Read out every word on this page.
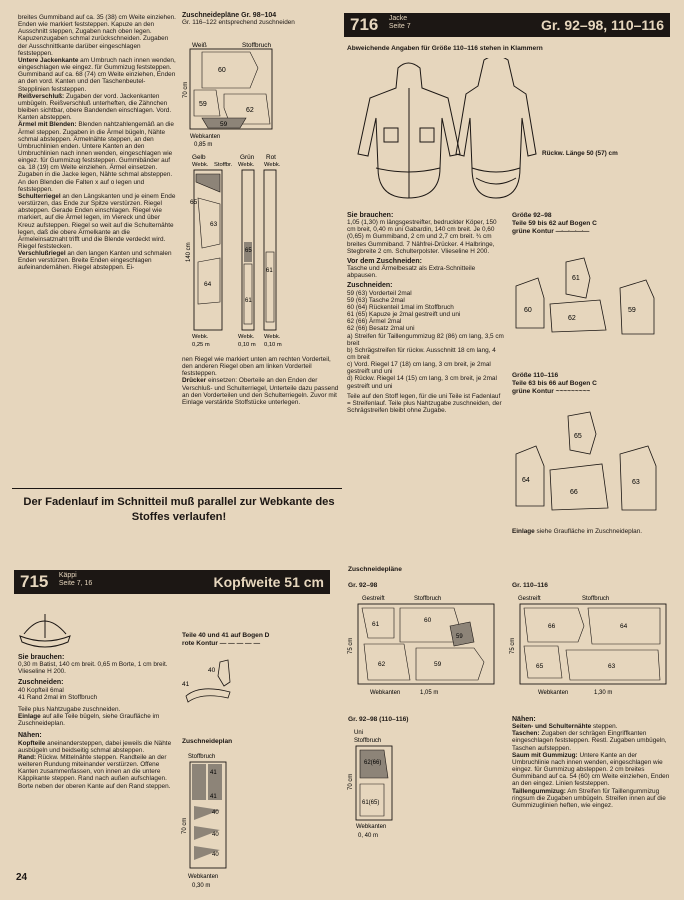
breites Gummiband auf ca. 35 (38) cm Weite einziehen. Enden wie markiert feststeppen. Kapuze an den Ausschnitt steppen, Zugaben nach oben legen. Kapuzenzugaben schmal zurückschneiden. Zugaben der Ausschnittkante darüber eingeschlagen feststeppen.

Untere Jackenkante am Umbruch nach innen wenden, eingeschlagen wie eingez. für Gummizug feststeppen. Gummiband auf ca. 68 (74) cm Weite einziehen, Enden an den vord. Kanten und den Taschenbeutel-Stepplinien feststeppen.

Reißverschluß: Zugaben der vord. Jackenkanten umbügeln. Reißverschluß unterheften, die Zähnchen bleiben sichtbar, obere Bandenden einschlagen. Vord. Kanten absteppen.

Ärmel mit Blenden: Blenden nahtzahlengemäß an die Ärmel steppen. Zugaben in die Ärmel bügeln, Nähte schmal absteppen. Ärmelnähte steppen, an den Umbruchlinien enden. Untere Kanten an den Umbruchlinien nach innen wenden, eingeschlagen wie eingez. für Gummizug feststeppen. Gummibänder auf ca. 18 (19) cm Weite einziehen. Ärmel einsetzen. Zugaben in die Jacke legen, Nähte schmal absteppen. An den Blenden die Falten x auf o legen und feststeppen.

Schulterriegel an den Längskanten und je einem Ende verstürzen, das Ende zur Spitze verstürzen. Riegel absteppen. Gerade Enden einschlagen. Riegel wie markiert, auf die Ärmel legen, im Viereck und über Kreuz aufsteppen. Riegel so weit auf die Schulternähte legen, daß die obere Ärmelkante an die Ärmeleinsatznaht trifft und die Blende verdeckt wird. Riegel feststecken.

Verschlußriegel an den langen Kanten und schmalen Enden verstürzen. Breite Enden eingeschlagen aufeinandernähen. Riegel absteppen. Ei-

Zuschneidepläne Gr. 98–104
Gr. 116–122 entsprechend zuschneiden
Weiß	Stoffbruch
60
59
62
59
70 cm
Webkanten
0,85 m
Gelb	Grün Rot
Webk. Stoffbr. Webk. Webk.
65
63
64
65
61
61
140 cm
Webk.
0,25 m
Webk.
0,10 m
Webk.
0,10 m

nen Riegel wie markiert unten am rechten Vorderteil, den anderen Riegel oben am linken Vorderteil feststeppen.

Drücker einsetzen: Oberteile an den Enden der Verschluß- und Schulterriegel, Unterteile dazu passend an den Vorderteilen und den Schulterriegeln. Zuvor mit Einlage verstärkte Stoffstücke unterlegen.

716 Jacke
Seite 7	Gr. 92–98, 110–116
Abweichende Angaben für Größe 110–116 stehen in Klammern
Rückw. Länge 50 (57) cm
Sie brauchen:

1,05 (1,30) m längsgestreifter, bedruckter Köper, 150 cm breit, 0,40 m uni Gabardin, 140 cm breit. Je 0,60 (0,65) m Gummiband, 2 cm und 2,7 cm breit. ¾ cm breites Gummiband. 7 Nähfrei-Drücker. 4 Halbringe, Stegbreite 2 cm. Schulterpolster. Vlieseline H 200.

Vor dem Zuschneiden:

Tasche und Ärmelbesatz als Extra-Schnitteile abpausen.

Zuschneiden:
59 (63) Vorderteil 2mal
59 (63) Tasche 2mal
60 (64) Rückenteil 1mal im Stoffbruch
61 (65) Kapuze je 2mal gestreift und uni
62 (66) Ärmel 2mal
62 (66) Besatz 2mal uni
a) Streifen für Taillengummizug 82 (86) cm lang, 3,5 cm breit
b) Schrägstreifen für rückw. Ausschnitt 18 cm lang, 4 cm breit
c) Vord. Riegel 17 (18) cm lang, 3 cm breit, je 2mal gestreift und uni
d) Rückw. Riegel 14 (15) cm lang, 3 cm breit, je 2mal gestreift und uni

Teile auf den Stoff legen, für die uni Teile ist Fadenlauf = Streifenlauf. Teile plus Nahtzugabe zuschneiden, der Schrägstreifen bleibt ohne Zugabe.

Größe 92–98
Teile 59 bis 62 auf Bogen C
grüne Kontur —·—·—·—·—
60
61
62
59
Größe 110–116
Teile 63 bis 66 auf Bogen C
grüne Kontur ~~~~~~~~~
64
65
66
63
Einlage siehe Graufläche im Zuschneideplan.
Der Fadenlauf im Schnitteil muß parallel zur Webkante des Stoffes verlaufen!
715 Käppi
Seite 7, 16	Kopfweite 51 cm
Sie brauchen:

0,30 m Batist, 140 cm breit. 0,65 m Borte, 1 cm breit. Vlieseline H 200.

Zuschneiden:
40 Kopfteil 6mal
41 Rand 2mal im Stoffbruch

Teile plus Nahtzugabe zuschneiden.

Einlage auf alle Teile bügeln, siehe Graufläche im Zuschneideplan.

Nähen:

Kopfteile aneinandersteppen, dabei jeweils die Nähte ausbügeln und beidseitig schmal absteppen.

Rand: Rückw. Mittelnähte steppen. Randteile an der weiteren Rundung miteinander verstürzen. Offene Kanten zusammenfassen, von innen an die untere Käppikante steppen. Rand nach außen aufschlagen. Borte neben der oberen Kante auf den Rand steppen.

Teile 40 und 41 auf Bogen D
rote Kontur — — — — —
40
41
Zuschneideplan
Stoffbruch
41
41
40
40
40
70 cm
Webkanten
0,30 m
Zuschneidepläne
Gr. 92–98
Gestreift	Stoffbruch
61
60
59
62	59
75 cm
Webkanten	1,05 m
Gr. 110–116
Gestreift	Stoffbruch
66	64
65	63
75 cm
Webkanten	1,30 m
Gr. 92–98 (110–116)
Uni
Stoffbruch
62(66)
61(65)
70 cm
Webkanten
0, 40 m
Nähen:

Seiten- und Schulternähte steppen.

Taschen: Zugaben der schrägen Eingriffkanten eingeschlagen feststeppen. Restl. Zugaben umbügeln, Taschen aufsteppen.

Saum mit Gummizug: Untere Kante an der Umbruchlinie nach innen wenden, eingeschlagen wie eingez. für Gummizug absteppen. 2 cm breites Gummiband auf ca. 54 (60) cm Weite einziehen, Enden an den eingez. Linien feststeppen.

Taillengummizug: Am Streifen für Taillengummizug ringsum die Zugaben umbügeln. Streifen innen auf die Gummizuglinien heften, wie eingez.

24
